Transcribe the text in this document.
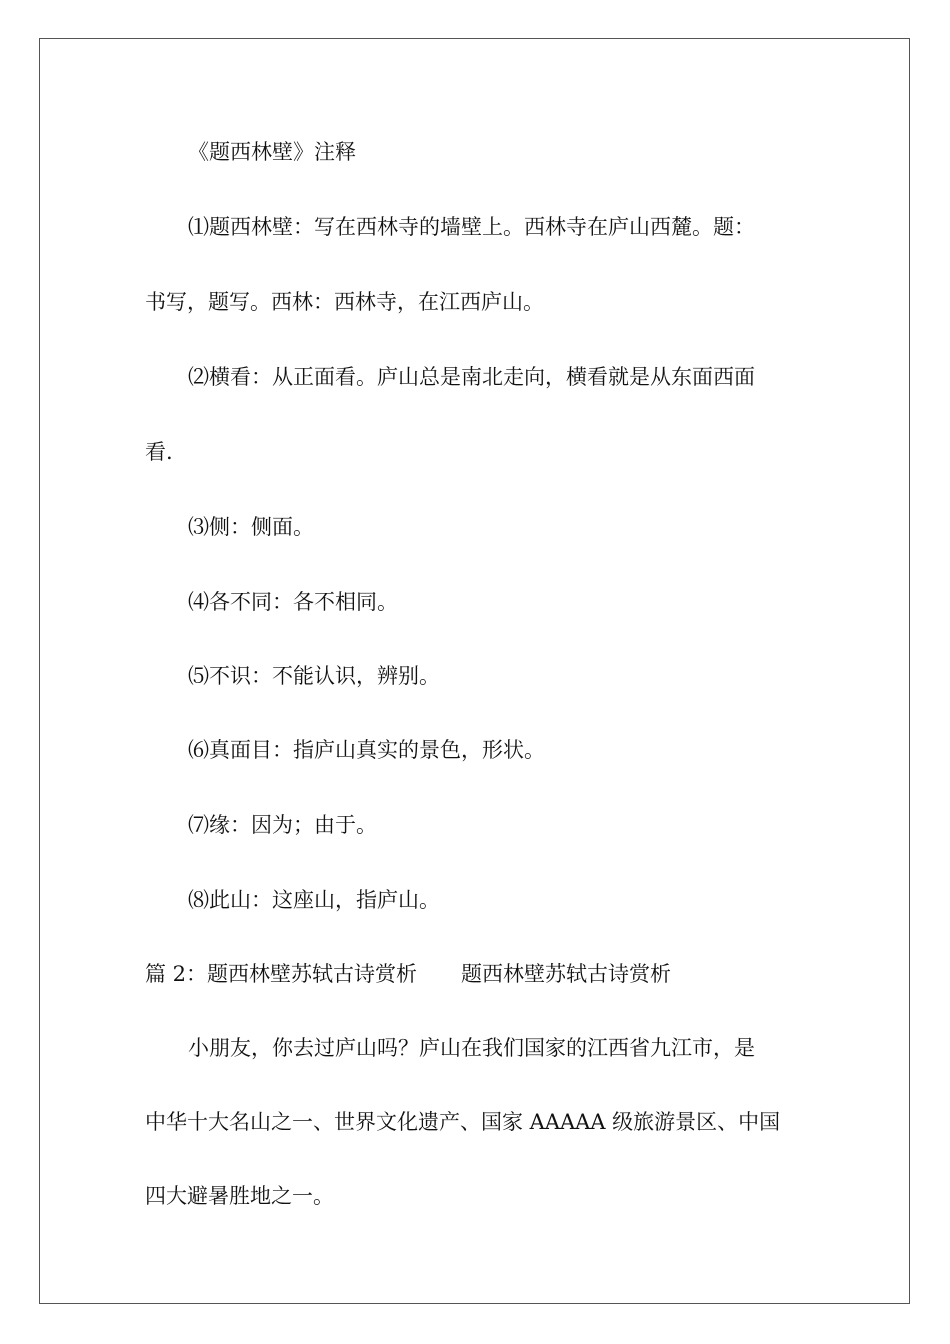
《题西林壁》注释
⑴题西林壁：写在西林寺的墙壁上。西林寺在庐山西麓。题：
书写，题写。西林：西林寺，在江西庐山。
⑵横看：从正面看。庐山总是南北走向，横看就是从东面西面
看.
⑶侧：侧面。
⑷各不同：各不相同。
⑸不识：不能认识，辨别。
⑹真面目：指庐山真实的景色，形状。
⑺缘：因为；由于。
⑻此山：这座山，指庐山。
篇 2：题西林壁苏轼古诗赏析 题西林壁苏轼古诗赏析
小朋友，你去过庐山吗？庐山在我们国家的江西省九江市，是
中华十大名山之一、世界文化遗产、国家 AAAAA 级旅游景区、中国
四大避暑胜地之一。
